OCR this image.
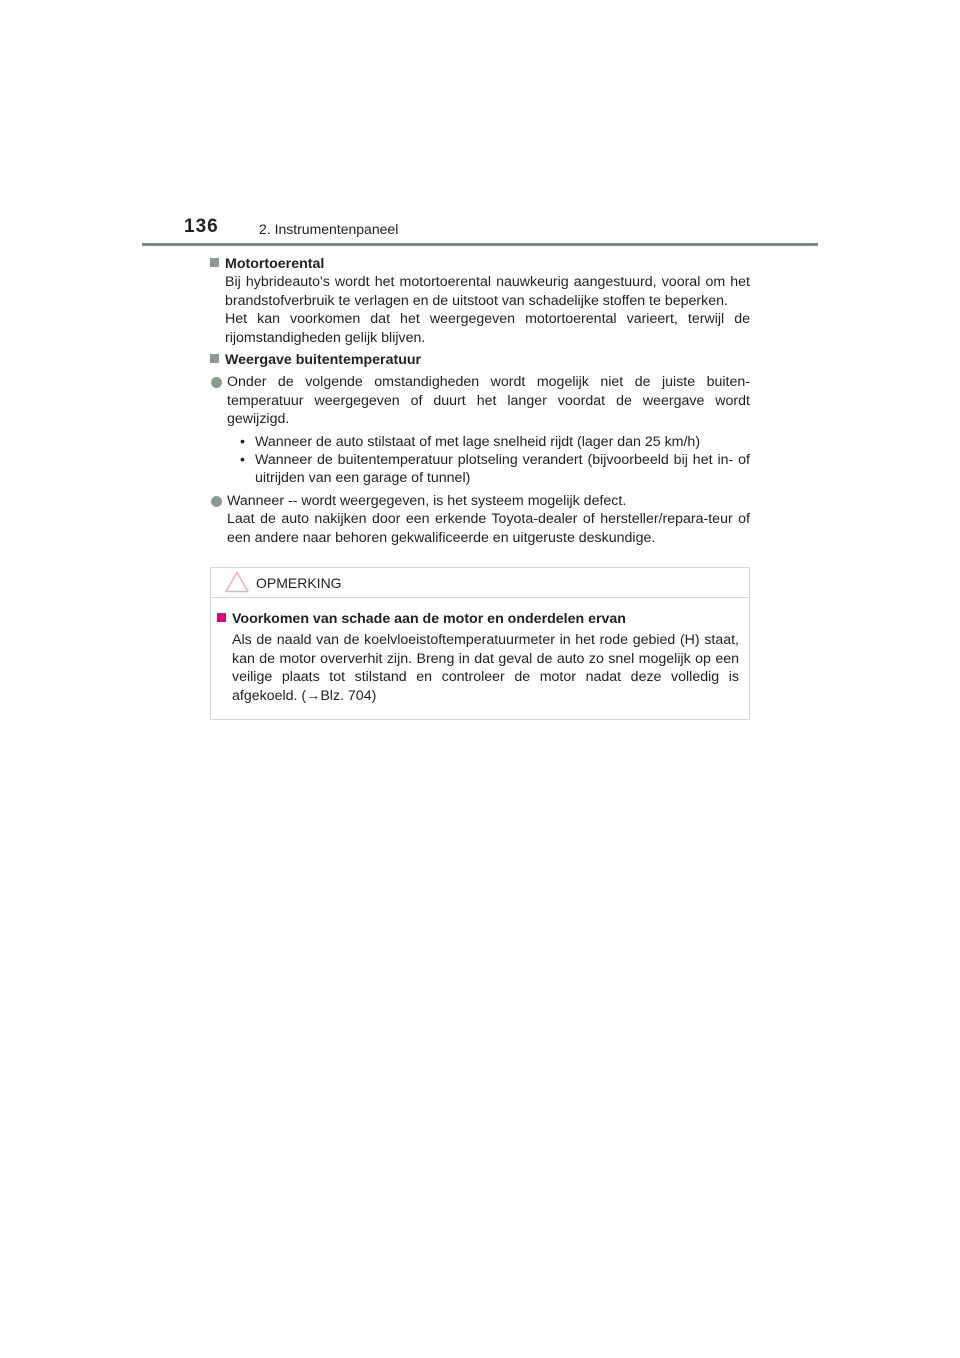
136	2. Instrumentenpaneel
Motortoerental
Bij hybrideauto's wordt het motortoerental nauwkeurig aangestuurd, vooral om het brandstofverbruik te verlagen en de uitstoot van schadelijke stoffen te beperken.
Het kan voorkomen dat het weergegeven motortoerental varieert, terwijl de rijomstandigheden gelijk blijven.
Weergave buitentemperatuur
Onder de volgende omstandigheden wordt mogelijk niet de juiste buiten-temperatuur weergegeven of duurt het langer voordat de weergave wordt gewijzigd.
• Wanneer de auto stilstaat of met lage snelheid rijdt (lager dan 25 km/h)
• Wanneer de buitentemperatuur plotseling verandert (bijvoorbeeld bij het in- of uitrijden van een garage of tunnel)
Wanneer -- wordt weergegeven, is het systeem mogelijk defect.
Laat de auto nakijken door een erkende Toyota-dealer of hersteller/repara-teur of een andere naar behoren gekwalificeerde en uitgeruste deskundige.
OPMERKING
Voorkomen van schade aan de motor en onderdelen ervan
Als de naald van de koelvloeistoftemperatuurmeter in het rode gebied (H) staat, kan de motor oververhit zijn. Breng in dat geval de auto zo snel mogelijk op een veilige plaats tot stilstand en controleer de motor nadat deze volledig is afgekoeld. (→Blz. 704)
